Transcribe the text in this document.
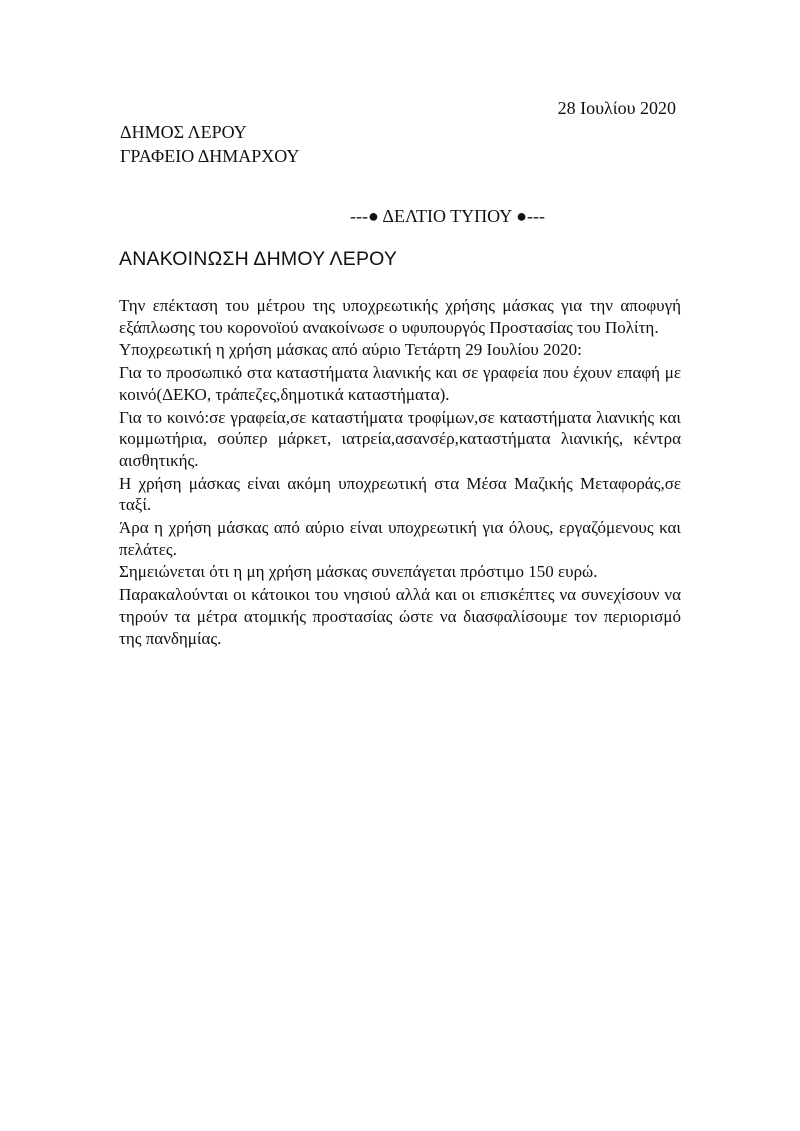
28 Ιουλίου 2020
ΔΗΜΟΣ ΛΕΡΟΥ
ΓΡΑΦΕΙΟ ΔΗΜΑΡΧΟΥ
---● ΔΕΛΤΙΟ ΤΥΠΟΥ ●---
ΑΝΑΚΟΙΝΩΣΗ ΔΗΜΟΥ ΛΕΡΟΥ

Την επέκταση του μέτρου της υποχρεωτικής χρήσης μάσκας για την αποφυγή εξάπλωσης του κορονοϊού ανακοίνωσε ο υφυπουργός Προστασίας του Πολίτη.

Υποχρεωτική η χρήση μάσκας από αύριο Τετάρτη 29 Ιουλίου 2020:

Για το προσωπικό στα καταστήματα λιανικής και σε γραφεία που έχουν επαφή με κοινό(ΔΕΚΟ, τράπεζες,δημοτικά καταστήματα).

Για το κοινό:σε γραφεία,σε καταστήματα τροφίμων,σε καταστήματα λιανικής και κομμωτήρια, σούπερ μάρκετ, ιατρεία,ασανσέρ,καταστήματα λιανικής, κέντρα αισθητικής.

Η χρήση μάσκας είναι ακόμη υποχρεωτική στα Μέσα Μαζικής Μεταφοράς,σε ταξί.

Άρα η χρήση μάσκας από αύριο είναι υποχρεωτική για όλους, εργαζόμενους και πελάτες.

Σημειώνεται ότι η μη χρήση μάσκας συνεπάγεται πρόστιμο 150 ευρώ.

Παρακαλούνται οι κάτοικοι του νησιού αλλά και οι επισκέπτες να συνεχίσουν να τηρούν τα μέτρα ατομικής προστασίας ώστε να διασφαλίσουμε τον περιορισμό της πανδημίας.
